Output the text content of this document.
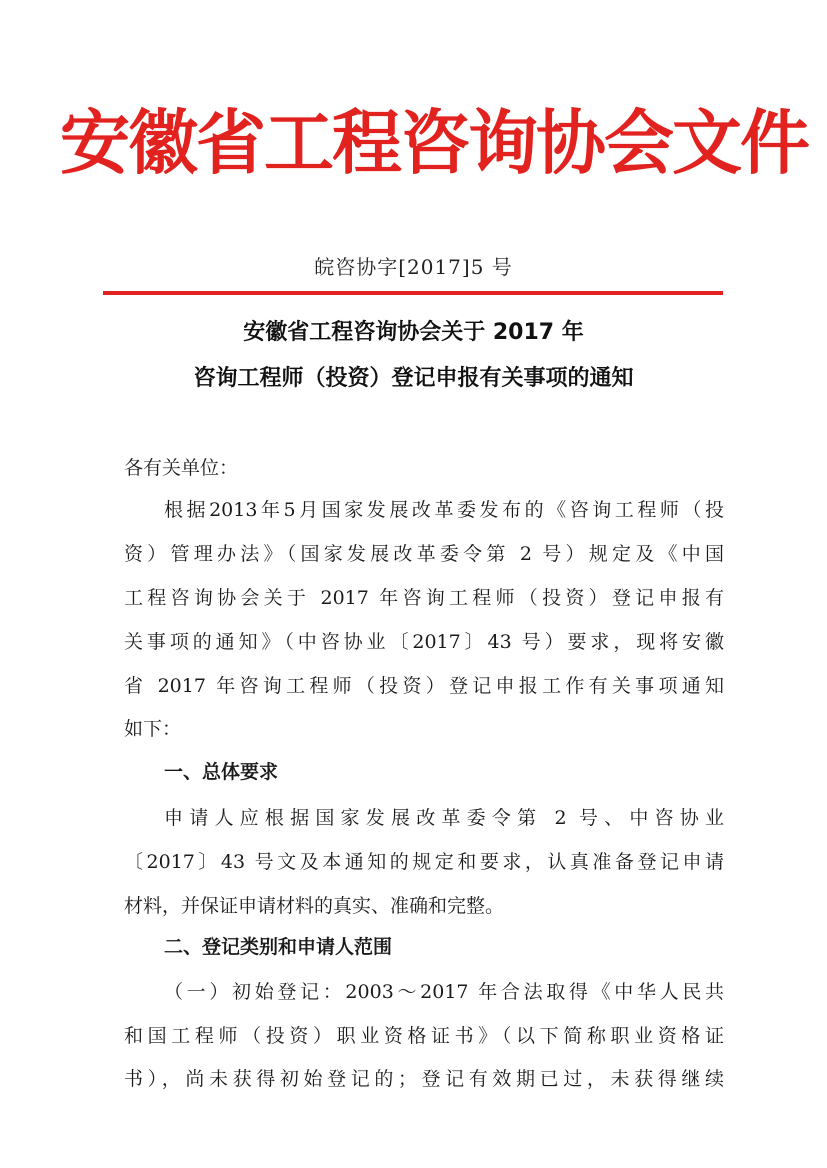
安徽省工程咨询协会文件
皖咨协字[2017]5 号
安徽省工程咨询协会关于 2017 年
咨询工程师（投资）登记申报有关事项的通知
各有关单位：
根据2013年5月国家发展改革委发布的《咨询工程师（投
资）管理办法》（国家发展改革委令第 2 号）规定及《中国
工程咨询协会关于 2017 年咨询工程师（投资）登记申报有
关事项的通知》（中咨协业〔2017〕43 号）要求，现将安徽
省 2017 年咨询工程师（投资）登记申报工作有关事项通知
如下：
一、总体要求
申请人应根据国家发展改革委令第 2 号、中咨协业
〔2017〕43 号文及本通知的规定和要求，认真准备登记申请
材料，并保证申请材料的真实、准确和完整。
二、登记类别和申请人范围
（一）初始登记：2003～2017 年合法取得《中华人民共
和国工程师（投资）职业资格证书》（以下简称职业资格证
书），尚未获得初始登记的；登记有效期已过，未获得继续
